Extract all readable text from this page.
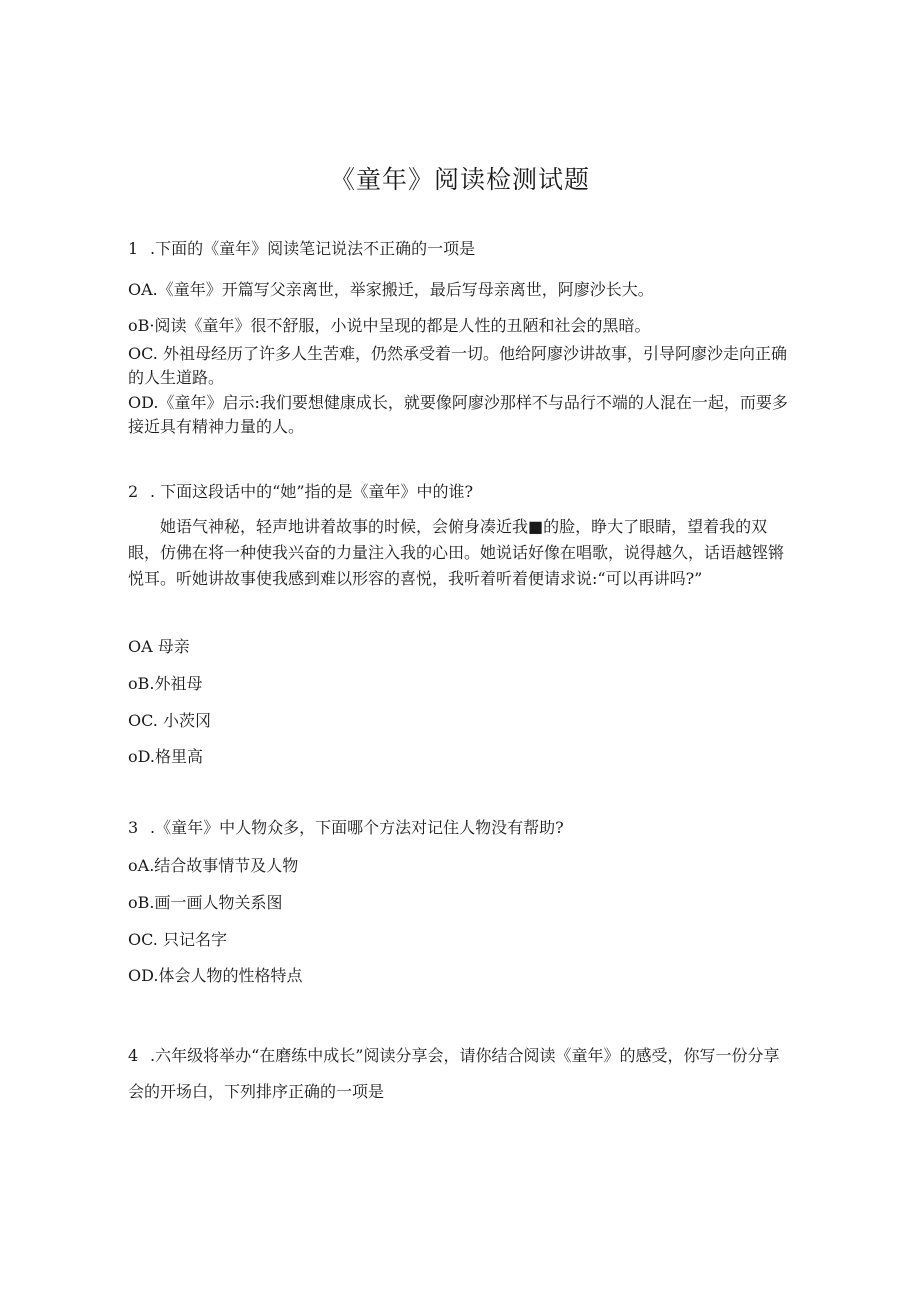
《童年》阅读检测试题
1 .下面的《童年》阅读笔记说法不正确的一项是
OA.《童年》开篇写父亲离世，举家搬迁，最后写母亲离世，阿廖沙长大。
oB·阅读《童年》很不舒服，小说中呈现的都是人性的丑陋和社会的黑暗。
OC. 外祖母经历了许多人生苦难，仍然承受着一切。他给阿廖沙讲故事，引导阿廖沙走向正确的人生道路。
OD.《童年》启示:我们要想健康成长，就要像阿廖沙那样不与品行不端的人混在一起，而要多接近具有精神力量的人。
2 . 下面这段话中的“她”指的是《童年》中的谁?
她语气神秘，轻声地讲着故事的时候，会俯身凑近我■的脸，睁大了眼睛，望着我的双眼，仿佛在将一种使我兴奋的力量注入我的心田。她说话好像在唱歌，说得越久，话语越铿锵悦耳。听她讲故事使我感到难以形容的喜悦，我听着听着便请求说:“可以再讲吗?”
OA 母亲
oB.外祖母
OC. 小茨冈
oD.格里高
3 .《童年》中人物众多，下面哪个方法对记住人物没有帮助?
oA.结合故事情节及人物
oB.画一画人物关系图
OC. 只记名字
OD.体会人物的性格特点
4 .六年级将举办“在磨练中成长”阅读分享会，请你结合阅读《童年》的感受，你写一份分享会的开场白，下列排序正确的一项是
